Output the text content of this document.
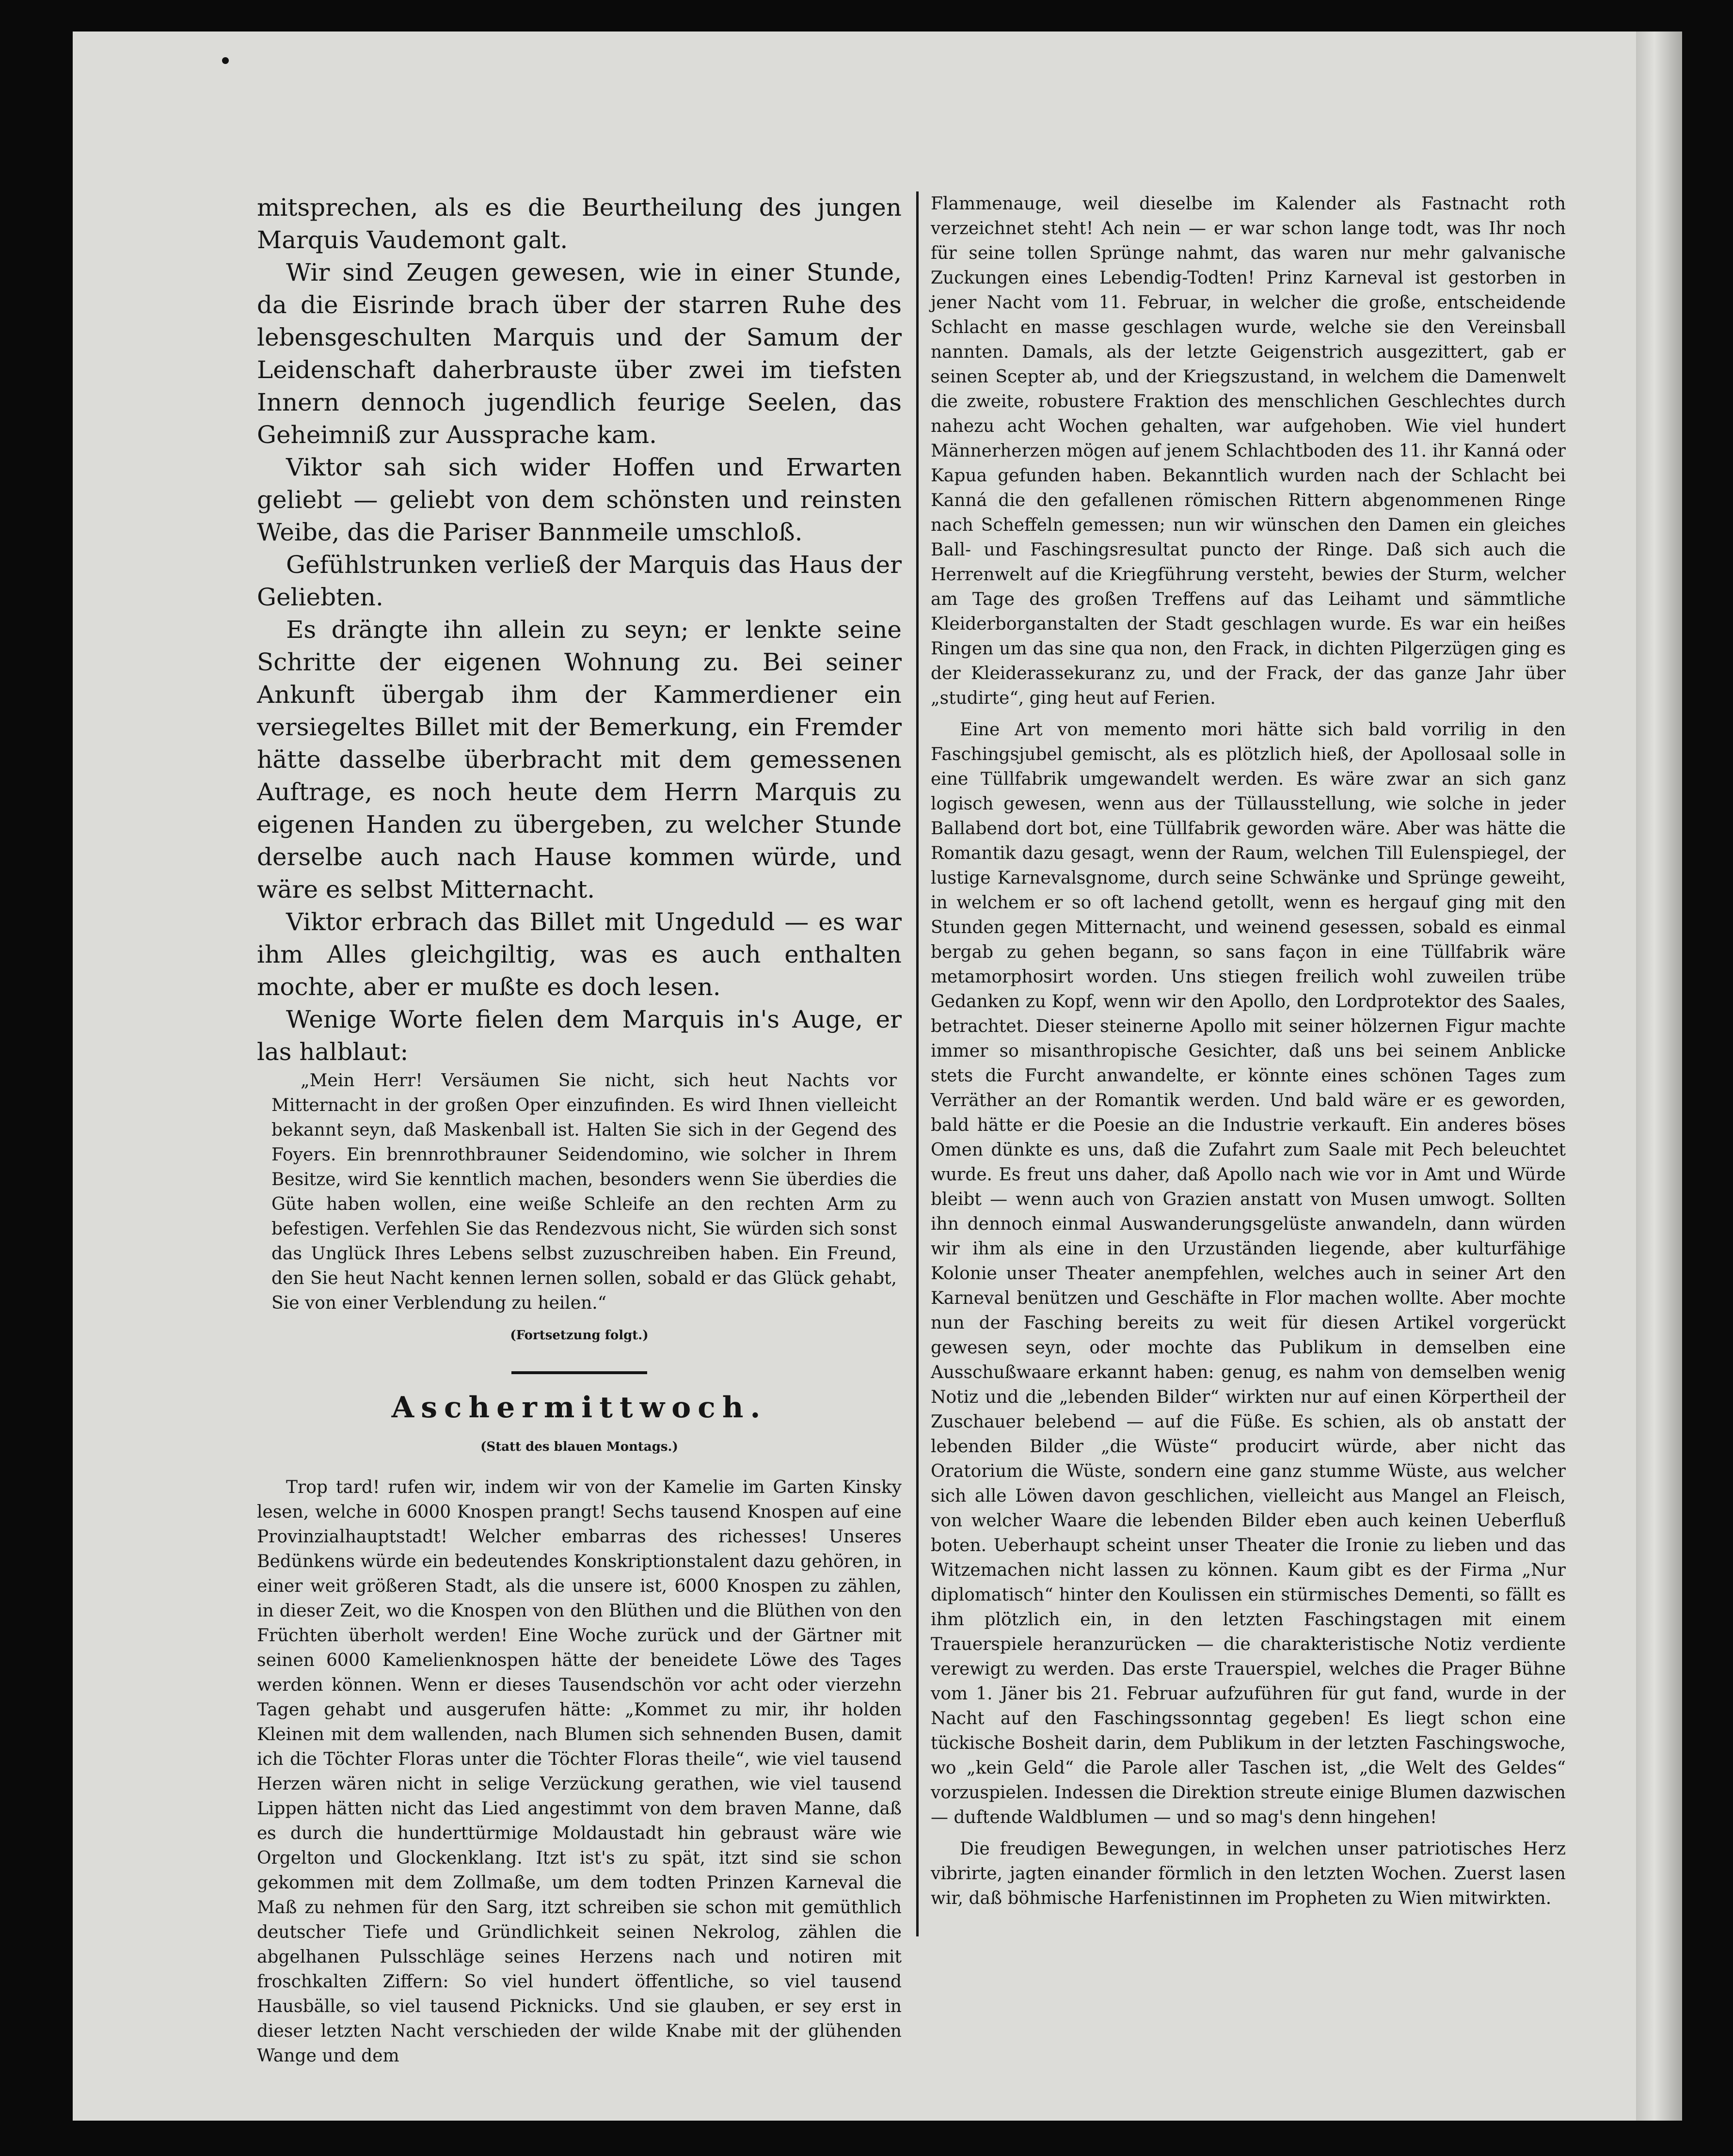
mitsprechen, als es die Beurtheilung des jungen Marquis Vaudemont galt.

Wir sind Zeugen gewesen, wie in einer Stunde, da die Eisrinde brach über der starren Ruhe des lebensgeschulten Marquis und der Samum der Leidenschaft daherbrauste über zwei im tiefsten Innern dennoch jugendlich feurige Seelen, das Geheimniß zur Aussprache kam.

Viktor sah sich wider Hoffen und Erwarten geliebt — geliebt von dem schönsten und reinsten Weibe, das die Pariser Bannmeile umschloß.

Gefühlstrunken verließ der Marquis das Haus der Geliebten.

Es drängte ihn allein zu seyn; er lenkte seine Schritte der eigenen Wohnung zu. Bei seiner Ankunft übergab ihm der Kammerdiener ein versiegeltes Billet mit der Bemerkung, ein Fremder hätte dasselbe überbracht mit dem gemessenen Auftrage, es noch heute dem Herrn Marquis zu eigenen Handen zu übergeben, zu welcher Stunde derselbe auch nach Hause kommen würde, und wäre es selbst Mitternacht.

Viktor erbrach das Billet mit Ungeduld — es war ihm Alles gleichgiltig, was es auch enthalten mochte, aber er mußte es doch lesen.

Wenige Worte fielen dem Marquis in's Auge, er las halblaut:

„Mein Herr! Versäumen Sie nicht, sich heut Nachts vor Mitternacht in der großen Oper einzufinden. Es wird Ihnen vielleicht bekannt seyn, daß Maskenball ist. Halten Sie sich in der Gegend des Foyers. Ein brennrothbrauner Seidendomino, wie solcher in Ihrem Besitze, wird Sie kenntlich machen, besonders wenn Sie überdies die Güte haben wollen, eine weiße Schleife an den rechten Arm zu befestigen. Verfehlen Sie das Rendezvous nicht, Sie würden sich sonst das Unglück Ihres Lebens selbst zuzuschreiben haben. Ein Freund, den Sie heut Nacht kennen lernen sollen, sobald er das Glück gehabt, Sie von einer Verblendung zu heilen.“

(Fortsetzung folgt.)

Aschermittwoch.

(Statt des blauen Montags.)

Trop tard! rufen wir, indem wir von der Kamelie im Garten Kinsky lesen, welche in 6000 Knospen prangt! Sechs tausend Knospen auf eine Provinzialhauptstadt! Welcher embarras des richesses! Unseres Bedünkens würde ein bedeutendes Konskriptionstalent dazu gehören, in einer weit größeren Stadt, als die unsere ist, 6000 Knospen zu zählen, in dieser Zeit, wo die Knospen von den Blüthen und die Blüthen von den Früchten überholt werden! Eine Woche zurück und der Gärtner mit seinen 6000 Kamelienknospen hätte der beneidete Löwe des Tages werden können. Wenn er dieses Tausendschön vor acht oder vierzehn Tagen gehabt und ausgerufen hätte: „Kommet zu mir, ihr holden Kleinen mit dem wallenden, nach Blumen sich sehnenden Busen, damit ich die Töchter Floras unter die Töchter Floras theile“, wie viel tausend Herzen wären nicht in selige Verzückung gerathen, wie viel tausend Lippen hätten nicht das Lied angestimmt von dem braven Manne, daß es durch die hunderttürmige Moldaustadt hin gebraust wäre wie Orgelton und Glockenklang. Itzt ist's zu spät, itzt sind sie schon gekommen mit dem Zollmaße, um dem todten Prinzen Karneval die Maß zu nehmen für den Sarg, itzt schreiben sie schon mit gemüthlich deutscher Tiefe und Gründlichkeit seinen Nekrolog, zählen die abgelhanen Pulsschläge seines Herzens nach und notiren mit froschkalten Ziffern: So viel hundert öffentliche, so viel tausend Hausbälle, so viel tausend Picknicks. Und sie glauben, er sey erst in dieser letzten Nacht verschieden der wilde Knabe mit der glühenden Wange und dem

Flammenauge, weil dieselbe im Kalender als Fastnacht roth verzeichnet steht! Ach nein — er war schon lange todt, was Ihr noch für seine tollen Sprünge nahmt, das waren nur mehr galvanische Zuckungen eines Lebendig-Todten! Prinz Karneval ist gestorben in jener Nacht vom 11. Februar, in welcher die große, entscheidende Schlacht en masse geschlagen wurde, welche sie den Vereinsball nannten. Damals, als der letzte Geigenstrich ausgezittert, gab er seinen Scepter ab, und der Kriegszustand, in welchem die Damenwelt die zweite, robustere Fraktion des menschlichen Geschlechtes durch nahezu acht Wochen gehalten, war aufgehoben. Wie viel hundert Männerherzen mögen auf jenem Schlachtboden des 11. ihr Kanná oder Kapua gefunden haben. Bekanntlich wurden nach der Schlacht bei Kanná die den gefallenen römischen Rittern abgenommenen Ringe nach Scheffeln gemessen; nun wir wünschen den Damen ein gleiches Ball- und Faschingsresultat puncto der Ringe. Daß sich auch die Herrenwelt auf die Kriegführung versteht, bewies der Sturm, welcher am Tage des großen Treffens auf das Leihamt und sämmtliche Kleiderborganstalten der Stadt geschlagen wurde. Es war ein heißes Ringen um das sine qua non, den Frack, in dichten Pilgerzügen ging es der Kleiderassekuranz zu, und der Frack, der das ganze Jahr über „studirte“, ging heut auf Ferien.

Eine Art von memento mori hätte sich bald vorrilig in den Faschingsjubel gemischt, als es plötzlich hieß, der Apollosaal solle in eine Tüllfabrik umgewandelt werden. Es wäre zwar an sich ganz logisch gewesen, wenn aus der Tüllausstellung, wie solche in jeder Ballabend dort bot, eine Tüllfabrik geworden wäre. Aber was hätte die Romantik dazu gesagt, wenn der Raum, welchen Till Eulenspiegel, der lustige Karnevalsgnome, durch seine Schwänke und Sprünge geweiht, in welchem er so oft lachend getollt, wenn es hergauf ging mit den Stunden gegen Mitternacht, und weinend gesessen, sobald es einmal bergab zu gehen begann, so sans façon in eine Tüllfabrik wäre metamorphosirt worden. Uns stiegen freilich wohl zuweilen trübe Gedanken zu Kopf, wenn wir den Apollo, den Lordprotektor des Saales, betrachtet. Dieser steinerne Apollo mit seiner hölzernen Figur machte immer so misanthropische Gesichter, daß uns bei seinem Anblicke stets die Furcht anwandelte, er könnte eines schönen Tages zum Verräther an der Romantik werden. Und bald wäre er es geworden, bald hätte er die Poesie an die Industrie verkauft. Ein anderes böses Omen dünkte es uns, daß die Zufahrt zum Saale mit Pech beleuchtet wurde. Es freut uns daher, daß Apollo nach wie vor in Amt und Würde bleibt — wenn auch von Grazien anstatt von Musen umwogt. Sollten ihn dennoch einmal Auswanderungsgelüste anwandeln, dann würden wir ihm als eine in den Urzuständen liegende, aber kulturfähige Kolonie unser Theater anempfehlen, welches auch in seiner Art den Karneval benützen und Geschäfte in Flor machen wollte. Aber mochte nun der Fasching bereits zu weit für diesen Artikel vorgerückt gewesen seyn, oder mochte das Publikum in demselben eine Ausschußwaare erkannt haben: genug, es nahm von demselben wenig Notiz und die „lebenden Bilder“ wirkten nur auf einen Körpertheil der Zuschauer belebend — auf die Füße. Es schien, als ob anstatt der lebenden Bilder „die Wüste“ producirt würde, aber nicht das Oratorium die Wüste, sondern eine ganz stumme Wüste, aus welcher sich alle Löwen davon geschlichen, vielleicht aus Mangel an Fleisch, von welcher Waare die lebenden Bilder eben auch keinen Ueberfluß boten. Ueberhaupt scheint unser Theater die Ironie zu lieben und das Witzemachen nicht lassen zu können. Kaum gibt es der Firma „Nur diplomatisch“ hinter den Koulissen ein stürmisches Dementi, so fällt es ihm plötzlich ein, in den letzten Faschingstagen mit einem Trauerspiele heranzurücken — die charakteristische Notiz verdiente verewigt zu werden. Das erste Trauerspiel, welches die Prager Bühne vom 1. Jäner bis 21. Februar aufzuführen für gut fand, wurde in der Nacht auf den Faschingssonntag gegeben! Es liegt schon eine tückische Bosheit darin, dem Publikum in der letzten Faschingswoche, wo „kein Geld“ die Parole aller Taschen ist, „die Welt des Geldes“ vorzuspielen. Indessen die Direktion streute einige Blumen dazwischen — duftende Waldblumen — und so mag's denn hingehen!

Die freudigen Bewegungen, in welchen unser patriotisches Herz vibrirte, jagten einander förmlich in den letzten Wochen. Zuerst lasen wir, daß böhmische Harfenistinnen im Propheten zu Wien mitwirkten.
